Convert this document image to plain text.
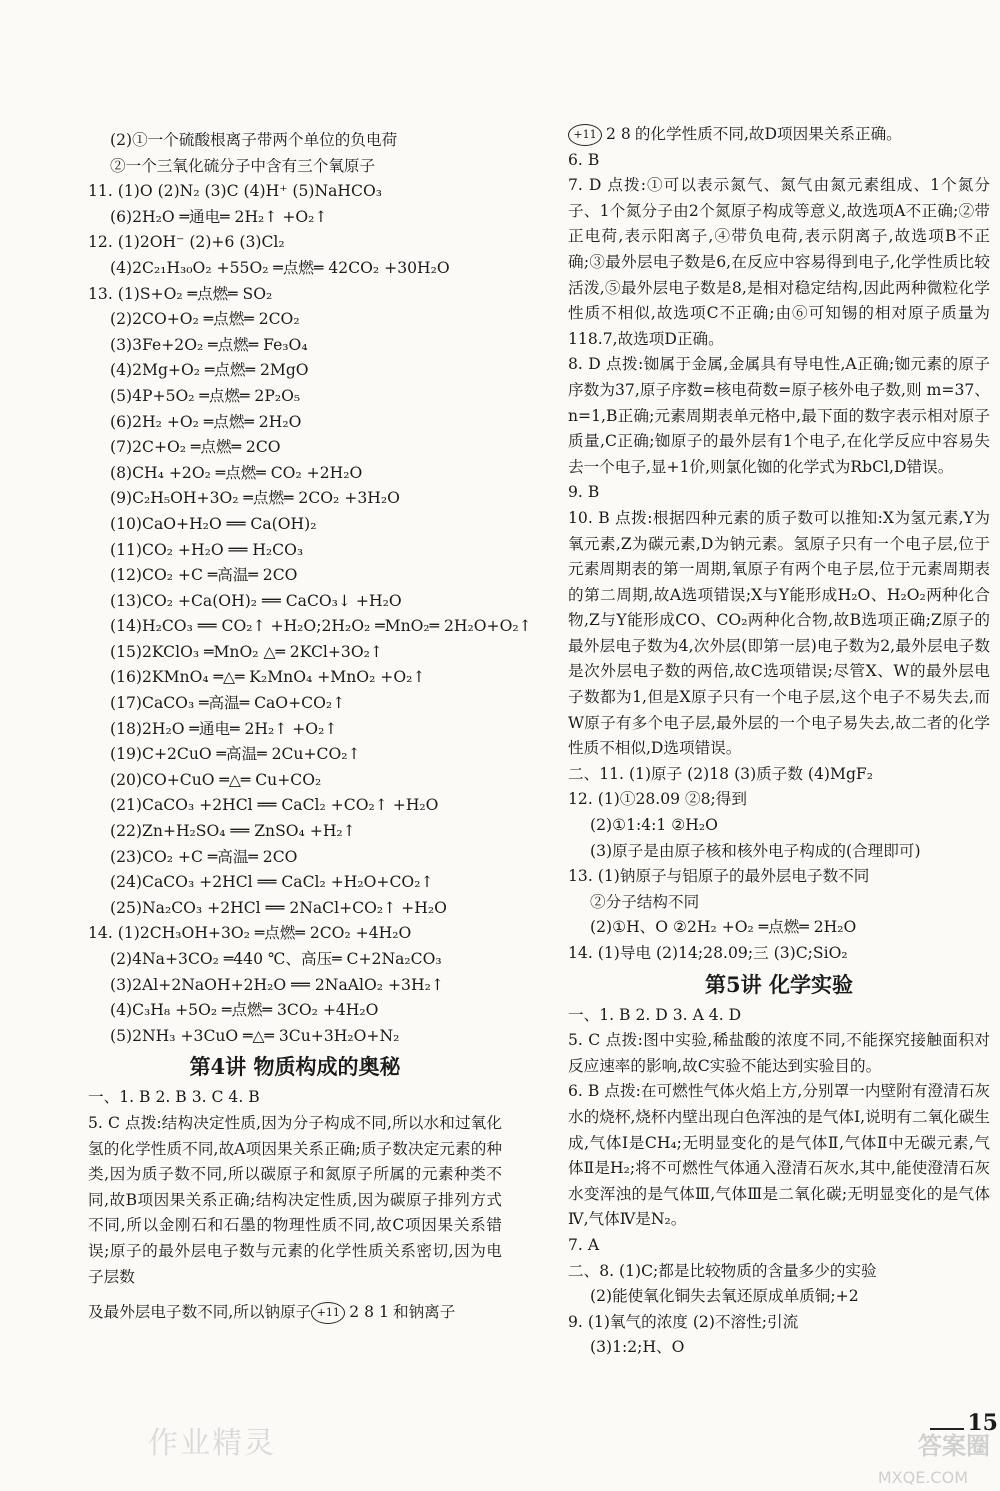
(2)①一个硫酸根离子带两个单位的负电荷
②一个三氧化硫分子中含有三个氧原子
11. (1)O (2)N₂ (3)C (4)H⁺ (5)NaHCO₃
(6)2H₂O ═通电═ 2H₂↑ +O₂↑
12. (1)2OH⁻ (2)+6 (3)Cl₂
(4)2C₂₁H₃₀O₂ +55O₂ ═点燃═ 42CO₂ +30H₂O
13. (1)S+O₂ ═点燃═ SO₂
(2)2CO+O₂ ═点燃═ 2CO₂
(3)3Fe+2O₂ ═点燃═ Fe₃O₄
(4)2Mg+O₂ ═点燃═ 2MgO
(5)4P+5O₂ ═点燃═ 2P₂O₅
(6)2H₂ +O₂ ═点燃═ 2H₂O
(7)2C+O₂ ═点燃═ 2CO
(8)CH₄ +2O₂ ═点燃═ CO₂ +2H₂O
(9)C₂H₅OH+3O₂ ═点燃═ 2CO₂ +3H₂O
(10)CaO+H₂O ══ Ca(OH)₂
(11)CO₂ +H₂O ══ H₂CO₃
(12)CO₂ +C ═高温═ 2CO
(13)CO₂ +Ca(OH)₂ ══ CaCO₃↓ +H₂O
(14)H₂CO₃ ══ CO₂↑ +H₂O;2H₂O₂ ═MnO₂═ 2H₂O+O₂↑
(15)2KClO₃ ═MnO₂ △═ 2KCl+3O₂↑
(16)2KMnO₄ ═△═ K₂MnO₄ +MnO₂ +O₂↑
(17)CaCO₃ ═高温═ CaO+CO₂↑
(18)2H₂O ═通电═ 2H₂↑ +O₂↑
(19)C+2CuO ═高温═ 2Cu+CO₂↑
(20)CO+CuO ═△═ Cu+CO₂
(21)CaCO₃ +2HCl ══ CaCl₂ +CO₂↑ +H₂O
(22)Zn+H₂SO₄ ══ ZnSO₄ +H₂↑
(23)CO₂ +C ═高温═ 2CO
(24)CaCO₃ +2HCl ══ CaCl₂ +H₂O+CO₂↑
(25)Na₂CO₃ +2HCl ══ 2NaCl+CO₂↑ +H₂O
14. (1)2CH₃OH+3O₂ ═点燃═ 2CO₂ +4H₂O
(2)4Na+3CO₂ ═440 ℃、高压═ C+2Na₂CO₃
(3)2Al+2NaOH+2H₂O ══ 2NaAlO₂ +3H₂↑
(4)C₃H₈ +5O₂ ═点燃═ 3CO₂ +4H₂O
(5)2NH₃ +3CuO ═△═ 3Cu+3H₂O+N₂
第4讲 物质构成的奥秘
一、1. B 2. B 3. C 4. B
5. C 点拨:结构决定性质,因为分子构成不同,所以水和过氧化氢的化学性质不同,故A项因果关系正确;质子数决定元素的种类,因为质子数不同,所以碳原子和氮原子所属的元素种类不同,故B项因果关系正确;结构决定性质,因为碳原子排列方式不同,所以金刚石和石墨的物理性质不同,故C项因果关系错误;原子的最外层电子数与元素的化学性质关系密切,因为电子层数
及最外层电子数不同,所以钠原子 +11 2 8 1 和钠离子
+11 2 8 的化学性质不同,故D项因果关系正确。
6. B
7. D 点拨:①可以表示氮气、氮气由氮元素组成、1个氮分子、1个氮分子由2个氮原子构成等意义,故选项A不正确;②带正电荷,表示阳离子,④带负电荷,表示阴离子,故选项B不正确;③最外层电子数是6,在反应中容易得到电子,化学性质比较活泼,⑤最外层电子数是8,是相对稳定结构,因此两种微粒化学性质不相似,故选项C不正确;由⑥可知锡的相对原子质量为118.7,故选项D正确。
8. D 点拨:铷属于金属,金属具有导电性,A正确;铷元素的原子序数为37,原子序数=核电荷数=原子核外电子数,则 m=37、n=1,B正确;元素周期表单元格中,最下面的数字表示相对原子质量,C正确;铷原子的最外层有1个电子,在化学反应中容易失去一个电子,显+1价,则氯化铷的化学式为RbCl,D错误。
9. B
10. B 点拨:根据四种元素的质子数可以推知:X为氢元素,Y为氧元素,Z为碳元素,D为钠元素。氢原子只有一个电子层,位于元素周期表的第一周期,氧原子有两个电子层,位于元素周期表的第二周期,故A选项错误;X与Y能形成H₂O、H₂O₂两种化合物,Z与Y能形成CO、CO₂两种化合物,故B选项正确;Z原子的最外层电子数为4,次外层(即第一层)电子数为2,最外层电子数是次外层电子数的两倍,故C选项错误;尽管X、W的最外层电子数都为1,但是X原子只有一个电子层,这个电子不易失去,而W原子有多个电子层,最外层的一个电子易失去,故二者的化学性质不相似,D选项错误。
二、11. (1)原子 (2)18 (3)质子数 (4)MgF₂
12. (1)①28.09 ②8;得到
(2)①1:4:1 ②H₂O
(3)原子是由原子核和核外电子构成的(合理即可)
13. (1)钠原子与铝原子的最外层电子数不同
②分子结构不同
(2)①H、O ②2H₂ +O₂ ═点燃═ 2H₂O
14. (1)导电 (2)14;28.09;三 (3)C;SiO₂
第5讲 化学实验
一、1. B 2. D 3. A 4. D
5. C 点拨:图中实验,稀盐酸的浓度不同,不能探究接触面积对反应速率的影响,故C实验不能达到实验目的。
6. B 点拨:在可燃性气体火焰上方,分别罩一内壁附有澄清石灰水的烧杯,烧杯内壁出现白色浑浊的是气体Ⅰ,说明有二氧化碳生成,气体Ⅰ是CH₄;无明显变化的是气体Ⅱ,气体Ⅱ中无碳元素,气体Ⅱ是H₂;将不可燃性气体通入澄清石灰水,其中,能使澄清石灰水变浑浊的是气体Ⅲ,气体Ⅲ是二氧化碳;无明显变化的是气体Ⅳ,气体Ⅳ是N₂。
7. A
二、8. (1)C;都是比较物质的含量多少的实验
(2)能使氧化铜失去氧还原成单质铜;+2
9. (1)氧气的浓度 (2)不溶性;引流
(3)1:2;H、O
15
作业精灵	答案圈
MXQE.COM
